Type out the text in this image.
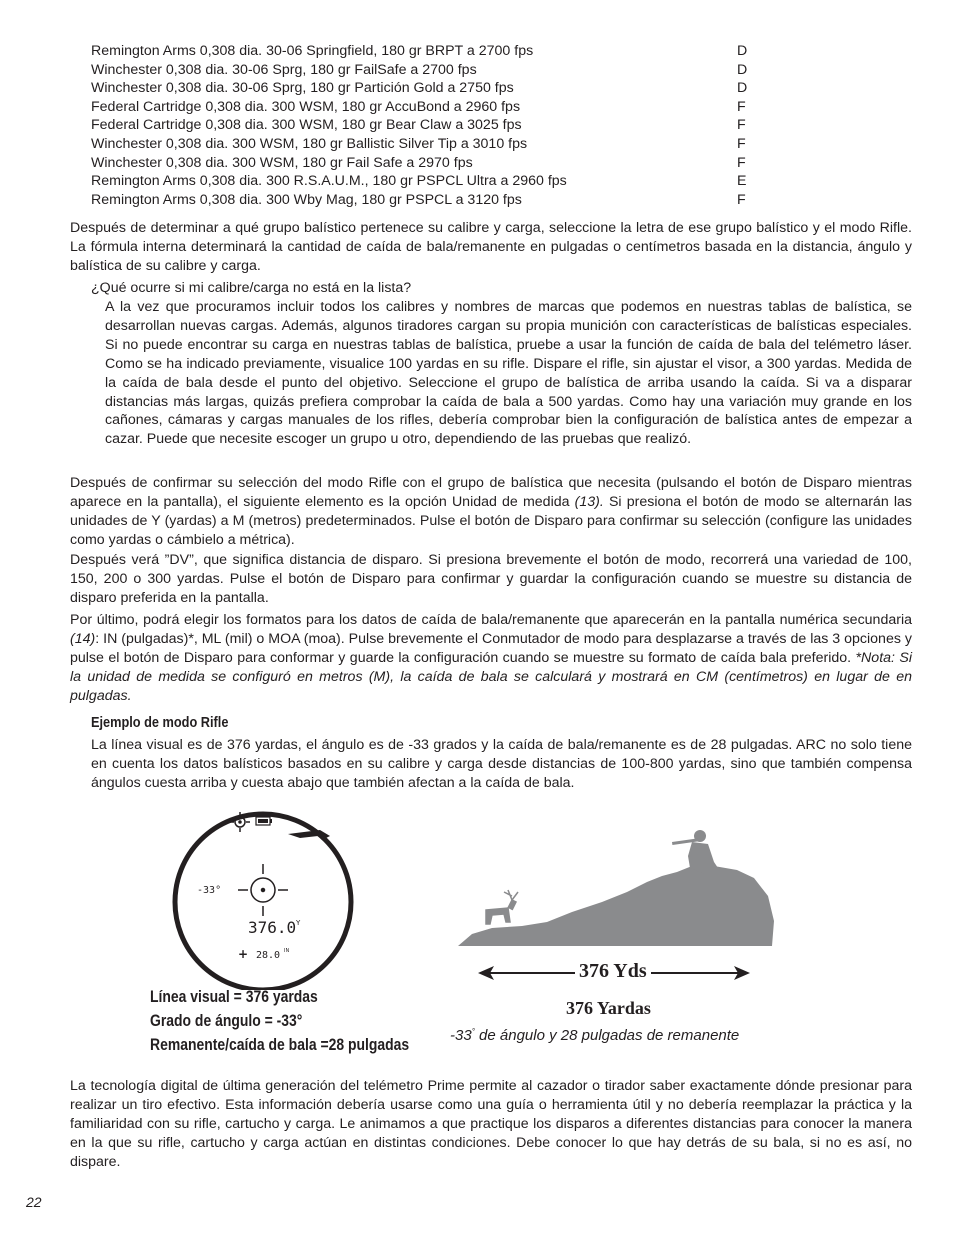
Remington Arms 0,308 dia. 30-06 Springfield, 180 gr BRPT a 2700 fps	D
Winchester 0,308 dia. 30-06 Sprg, 180 gr FailSafe a 2700 fps	D
Winchester 0,308 dia. 30-06 Sprg, 180 gr Partición Gold a 2750 fps	D
Federal Cartridge 0,308 dia. 300 WSM, 180 gr AccuBond a 2960 fps	F
Federal Cartridge 0,308 dia. 300 WSM, 180 gr Bear Claw a 3025 fps	F
Winchester 0,308 dia. 300 WSM, 180 gr Ballistic Silver Tip a 3010 fps	F
Winchester 0,308 dia. 300 WSM, 180 gr Fail Safe a 2970 fps	F
Remington Arms 0,308 dia. 300 R.S.A.U.M., 180 gr PSPCL Ultra a 2960 fps	E
Remington Arms 0,308 dia. 300 Wby Mag, 180 gr PSPCL a 3120 fps	F

Después de determinar a qué grupo balístico pertenece su calibre y carga, seleccione la letra de ese grupo balístico y el modo Rifle. La fórmula interna determinará la cantidad de caída de bala/remanente en pulgadas o centímetros basada en la distancia, ángulo y balística de su calibre y carga.

¿Qué ocurre si mi calibre/carga no está en la lista?

A la vez que procuramos incluir todos los calibres y nombres de marcas que podemos en nuestras tablas de balística, se desarrollan nuevas cargas. Además, algunos tiradores cargan su propia munición con características de balísticas especiales. Si no puede encontrar su carga en nuestras tablas de balística, pruebe a usar la función de caída de bala del telémetro láser. Como se ha indicado previamente, visualice 100 yardas en su rifle. Dispare el rifle, sin ajustar el visor, a 300 yardas. Medida de la caída de bala desde el punto del objetivo. Seleccione el grupo de balística de arriba usando la caída. Si va a disparar distancias más largas, quizás prefiera comprobar la caída de bala a 500 yardas. Como hay una variación muy grande en los cañones, cámaras y cargas manuales de los rifles, debería comprobar bien la configuración de balística antes de empezar a cazar. Puede que necesite escoger un grupo u otro, dependiendo de las pruebas que realizó.

Después de confirmar su selección del modo Rifle con el grupo de balística que necesita (pulsando el botón de Disparo mientras aparece en la pantalla), el siguiente elemento es la opción Unidad de medida (13). Si presiona el botón de modo se alternarán las unidades de Y (yardas) a M (metros) predeterminados. Pulse el botón de Disparo para confirmar su selección (configure las unidades como yardas o cámbielo a métrica).

Después verá ”DV”, que significa distancia de disparo. Si presiona brevemente el botón de modo, recorrerá una variedad de 100, 150, 200 o 300 yardas. Pulse el botón de Disparo para confirmar y guardar la configuración cuando se muestre su distancia de disparo preferida en la pantalla.

Por último, podrá elegir los formatos para los datos de caída de bala/remanente que aparecerán en la pantalla numérica secundaria (14): IN (pulgadas)*, ML (mil) o MOA (moa). Pulse brevemente el Conmutador de modo para desplazarse a través de las 3 opciones y pulse el botón de Disparo para conformar y guarde la configuración cuando se muestre su formato de caída bala preferido. *Nota: Si la unidad de medida se configuró en metros (M), la caída de bala se calculará y mostrará en CM (centímetros) en lugar de en pulgadas.

Ejemplo de modo Rifle

La línea visual es de 376 yardas, el ángulo es de -33 grados y la caída de bala/remanente es de 28 pulgadas. ARC no solo tiene en cuenta los datos balísticos basados en su calibre y carga desde distancias de 100-800 yardas, sino que también compensa ángulos cuesta arriba y cuesta abajo que también afectan a la caída de bala.

-33°
376.0 Y
+ 28.0 IN
376 Yds
376 Yardas
-33° de ángulo y 28 pulgadas de remanente
Línea visual = 376 yardas
Grado de ángulo = -33°
Remanente/caída de bala =28 pulgadas

La tecnología digital de última generación del telémetro Prime permite al cazador o tirador saber exactamente dónde presionar para realizar un tiro efectivo. Esta información debería usarse como una guía o herramienta útil y no debería reemplazar la práctica y la familiaridad con su rifle, cartucho y carga. Le animamos a que practique los disparos a diferentes distancias para conocer la manera en la que su rifle, cartucho y carga actúan en distintas condiciones. Debe conocer lo que hay detrás de su bala, si no es así, no dispare.

22
